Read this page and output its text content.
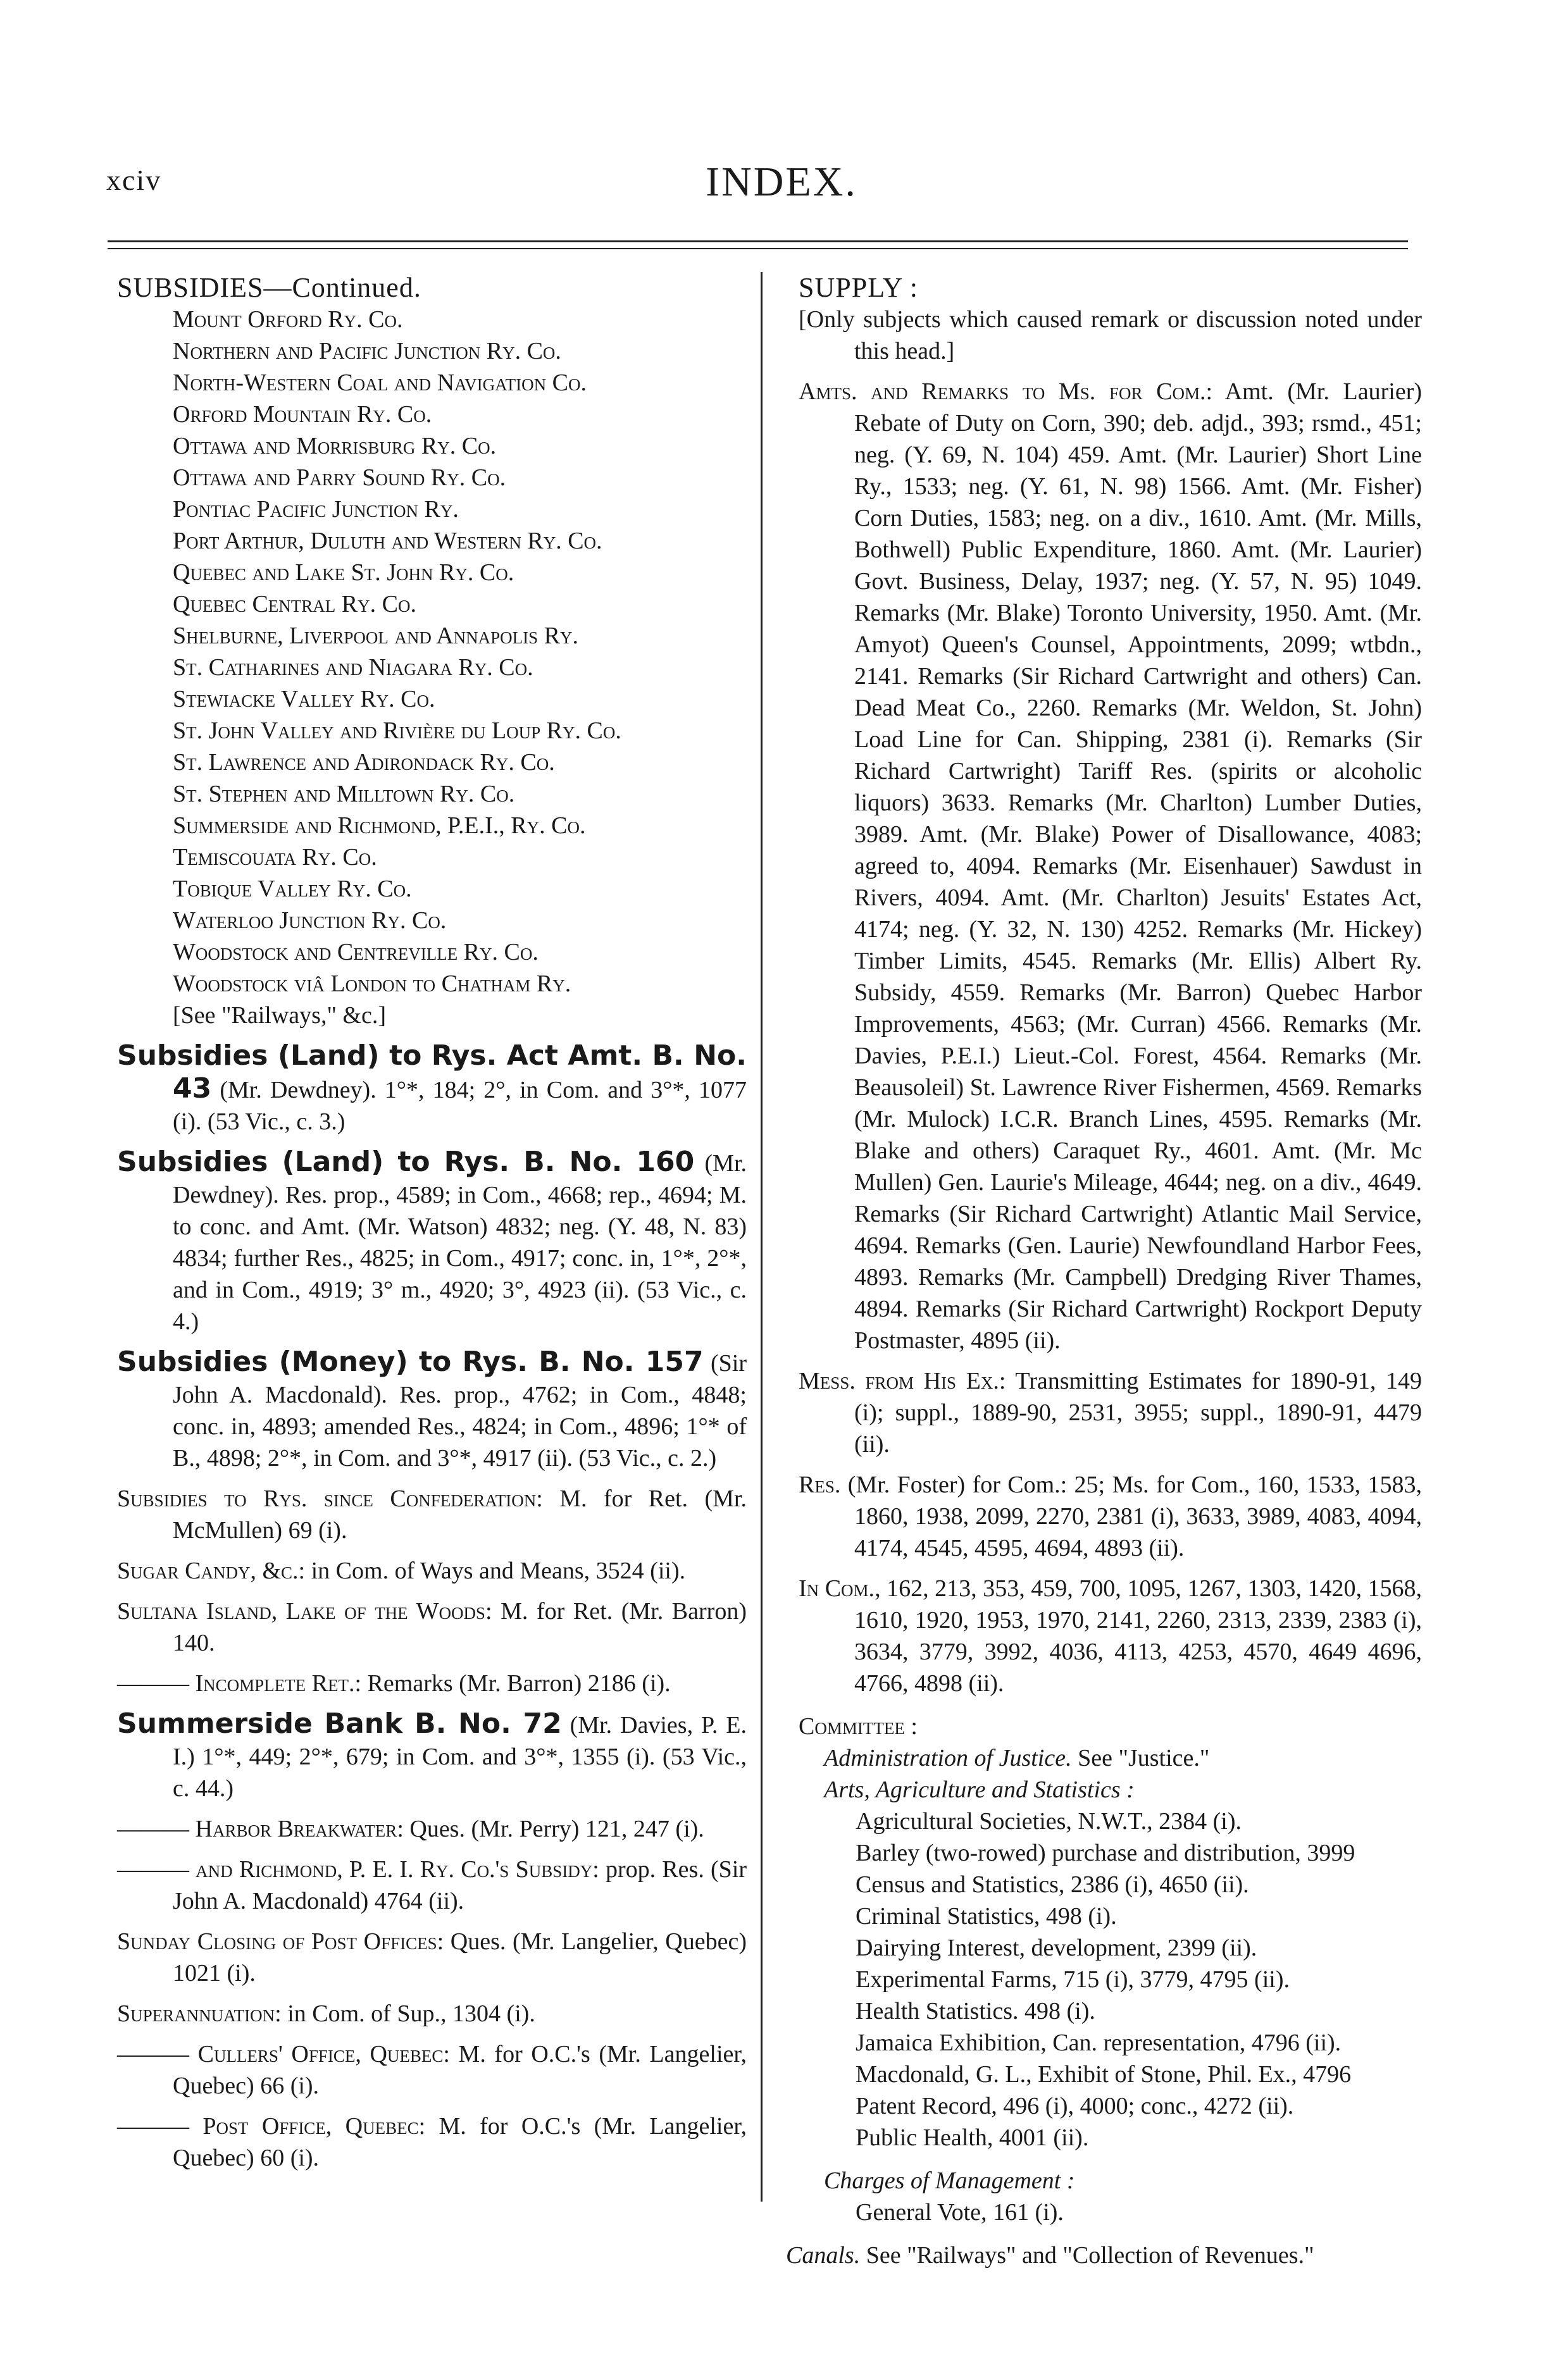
xciv	INDEX.
SUBSIDIES—Continued.
Mount Orford Ry. Co.
Northern and Pacific Junction Ry. Co.
North-Western Coal and Navigation Co.
Orford Mountain Ry. Co.
Ottawa and Morrisburg Ry. Co.
Ottawa and Parry Sound Ry. Co.
Pontiac Pacific Junction Ry.
Port Arthur, Duluth and Western Ry. Co.
Quebec and Lake St. John Ry. Co.
Quebec Central Ry. Co.
Shelburne, Liverpool and Annapolis Ry.
St. Catharines and Niagara Ry. Co.
Stewiacke Valley Ry. Co.
St. John Valley and Rivière du Loup Ry. Co.
St. Lawrence and Adirondack Ry. Co.
St. Stephen and Milltown Ry. Co.
Summerside and Richmond, P.E.I., Ry. Co.
Temiscouata Ry. Co.
Tobique Valley Ry. Co.
Waterloo Junction Ry. Co.
Woodstock and Centreville Ry. Co.
Woodstock viâ London to Chatham Ry.
[See "Railways," &c.]
Subsidies (Land) to Rys. Act Amt. B. No. 43 (Mr. Dewdney). 1°*, 184; 2°, in Com. and 3°*, 1077 (i). (53 Vic., c. 3.)
Subsidies (Land) to Rys. B. No. 160 (Mr. Dewdney). Res. prop., 4589; in Com., 4668; rep., 4694; M. to conc. and Amt. (Mr. Watson) 4832; neg. (Y. 48, N. 83) 4834; further Res., 4825; in Com., 4917; conc. in, 1°*, 2°*, and in Com., 4919; 3° m., 4920; 3°, 4923 (ii). (53 Vic., c. 4.)
Subsidies (Money) to Rys. B. No. 157 (Sir John A. Macdonald). Res. prop., 4762; in Com., 4848; conc. in, 4893; amended Res., 4824; in Com., 4896; 1°* of B., 4898; 2°*, in Com. and 3°*, 4917 (ii). (53 Vic., c. 2.)
Subsidies to Rys. since Confederation: M. for Ret. (Mr. McMullen) 69 (i).
Sugar Candy, &c.: in Com. of Ways and Means, 3524 (ii).
Sultana Island, Lake of the Woods: M. for Ret. (Mr. Barron) 140.
——— Incomplete Ret.: Remarks (Mr. Barron) 2186 (i).
Summerside Bank B. No. 72 (Mr. Davies, P. E. I.) 1°*, 449; 2°*, 679; in Com. and 3°*, 1355 (i). (53 Vic., c. 44.)
——— Harbor Breakwater: Ques. (Mr. Perry) 121, 247 (i).
——— and Richmond, P. E. I. Ry. Co.'s Subsidy: prop. Res. (Sir John A. Macdonald) 4764 (ii).
Sunday Closing of Post Offices: Ques. (Mr. Langelier, Quebec) 1021 (i).
Superannuation: in Com. of Sup., 1304 (i).
——— Cullers' Office, Quebec: M. for O.C.'s (Mr. Langelier, Quebec) 66 (i).
——— Post Office, Quebec: M. for O.C.'s (Mr. Langelier, Quebec) 60 (i).
SUPPLY :
[Only subjects which caused remark or discussion noted under this head.]
Amts. and Remarks to Ms. for Com.: Amt. (Mr. Laurier) Rebate of Duty on Corn, 390; deb. adjd., 393; rsmd., 451; neg. (Y. 69, N. 104) 459. Amt. (Mr. Laurier) Short Line Ry., 1533; neg. (Y. 61, N. 98) 1566. Amt. (Mr. Fisher) Corn Duties, 1583; neg. on a div., 1610. Amt. (Mr. Mills, Bothwell) Public Expenditure, 1860. Amt. (Mr. Laurier) Govt. Business, Delay, 1937; neg. (Y. 57, N. 95) 1049. Remarks (Mr. Blake) Toronto University, 1950. Amt. (Mr. Amyot) Queen's Counsel, Appointments, 2099; wtbdn., 2141. Remarks (Sir Richard Cartwright and others) Can. Dead Meat Co., 2260. Remarks (Mr. Weldon, St. John) Load Line for Can. Shipping, 2381 (i). Remarks (Sir Richard Cartwright) Tariff Res. (spirits or alcoholic liquors) 3633. Remarks (Mr. Charlton) Lumber Duties, 3989. Amt. (Mr. Blake) Power of Disallowance, 4083; agreed to, 4094. Remarks (Mr. Eisenhauer) Sawdust in Rivers, 4094. Amt. (Mr. Charlton) Jesuits' Estates Act, 4174; neg. (Y. 32, N. 130) 4252. Remarks (Mr. Hickey) Timber Limits, 4545. Remarks (Mr. Ellis) Albert Ry. Subsidy, 4559. Remarks (Mr. Barron) Quebec Harbor Improvements, 4563; (Mr. Curran) 4566. Remarks (Mr. Davies, P.E.I.) Lieut.-Col. Forest, 4564. Remarks (Mr. Beausoleil) St. Lawrence River Fishermen, 4569. Remarks (Mr. Mulock) I.C.R. Branch Lines, 4595. Remarks (Mr. Blake and others) Caraquet Ry., 4601. Amt. (Mr. Mc Mullen) Gen. Laurie's Mileage, 4644; neg. on a div., 4649. Remarks (Sir Richard Cartwright) Atlantic Mail Service, 4694. Remarks (Gen. Laurie) Newfoundland Harbor Fees, 4893. Remarks (Mr. Campbell) Dredging River Thames, 4894. Remarks (Sir Richard Cartwright) Rockport Deputy Postmaster, 4895 (ii).
Mess. from His Ex.: Transmitting Estimates for 1890-91, 149 (i); suppl., 1889-90, 2531, 3955; suppl., 1890-91, 4479 (ii).
Res. (Mr. Foster) for Com.: 25; Ms. for Com., 160, 1533, 1583, 1860, 1938, 2099, 2270, 2381 (i), 3633, 3989, 4083, 4094, 4174, 4545, 4595, 4694, 4893 (ii).
In Com., 162, 213, 353, 459, 700, 1095, 1267, 1303, 1420, 1568, 1610, 1920, 1953, 1970, 2141, 2260, 2313, 2339, 2383 (i), 3634, 3779, 3992, 4036, 4113, 4253, 4570, 4649 4696, 4766, 4898 (ii).
Committee :
Administration of Justice. See "Justice."
Arts, Agriculture and Statistics :
Agricultural Societies, N.W.T., 2384 (i).
Barley (two-rowed) purchase and distribution, 3999
Census and Statistics, 2386 (i), 4650 (ii).
Criminal Statistics, 498 (i).
Dairying Interest, development, 2399 (ii).
Experimental Farms, 715 (i), 3779, 4795 (ii).
Health Statistics. 498 (i).
Jamaica Exhibition, Can. representation, 4796 (ii).
Macdonald, G. L., Exhibit of Stone, Phil. Ex., 4796
Patent Record, 496 (i), 4000; conc., 4272 (ii).
Public Health, 4001 (ii).
Charges of Management :
General Vote, 161 (i).
Canals. See "Railways" and "Collection of Revenues."
